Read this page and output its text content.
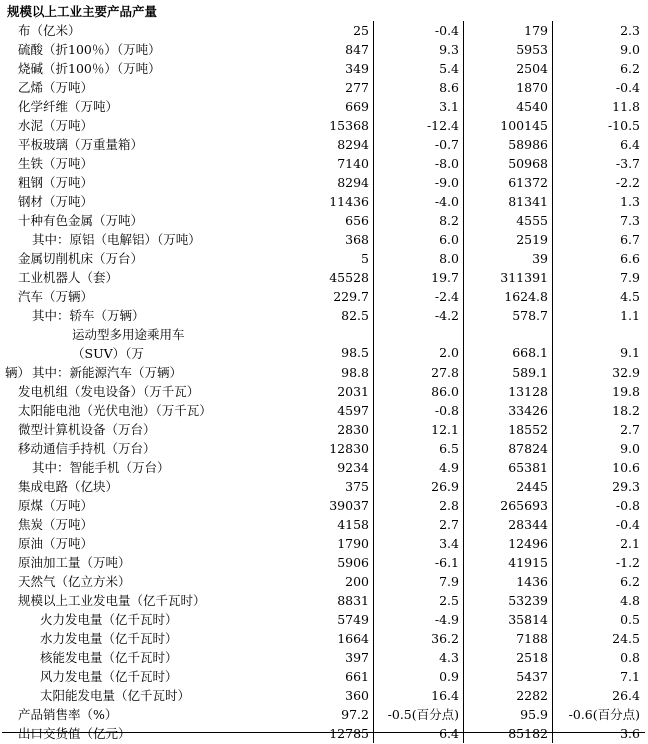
规模以上工业主要产品产量
布（亿米）	25	-0.4	179	2.3
硫酸（折100％）（万吨）	847	9.3	5953	9.0
烧碱（折100％）（万吨）	349	5.4	2504	6.2
乙烯（万吨）	277	8.6	1870	-0.4
化学纤维（万吨）	669	3.1	4540	11.8
水泥（万吨）	15368	-12.4	100145	-10.5
平板玻璃（万重量箱）	8294	-0.7	58986	6.4
生铁（万吨）	7140	-8.0	50968	-3.7
粗钢（万吨）	8294	-9.0	61372	-2.2
钢材（万吨）	11436	-4.0	81341	1.3
十种有色金属（万吨）	656	8.2	4555	7.3
其中：原铝（电解铝）（万吨）	368	6.0	2519	6.7
金属切削机床（万台）	5	8.0	39	6.6
工业机器人（套）	45528	19.7	311391	7.9
汽车（万辆）	229.7	-2.4	1624.8	4.5
其中：轿车（万辆）	82.5	-4.2	578.7	1.1
运动型多用途乘用车（SUV）（万
辆）
98.5	2.0	668.1	9.1
其中：新能源汽车（万辆）	98.8	27.8	589.1	32.9
发电机组（发电设备）（万千瓦）	2031	86.0	13128	19.8
太阳能电池（光伏电池）（万千瓦）	4597	-0.8	33426	18.2
微型计算机设备（万台）	2830	12.1	18552	2.7
移动通信手持机（万台）	12830	6.5	87824	9.0
其中：智能手机（万台）	9234	4.9	65381	10.6
集成电路（亿块）	375	26.9	2445	29.3
原煤（万吨）	39037	2.8	265693	-0.8
焦炭（万吨）	4158	2.7	28344	-0.4
原油（万吨）	1790	3.4	12496	2.1
原油加工量（万吨）	5906	-6.1	41915	-1.2
天然气（亿立方米）	200	7.9	1436	6.2
规模以上工业发电量（亿千瓦时）	8831	2.5	53239	4.8
火力发电量（亿千瓦时）	5749	-4.9	35814	0.5
水力发电量（亿千瓦时）	1664	36.2	7188	24.5
核能发电量（亿千瓦时）	397	4.3	2518	0.8
风力发电量（亿千瓦时）	661	0.9	5437	7.1
太阳能发电量（亿千瓦时）	360	16.4	2282	26.4
产品销售率（%）	97.2	-0.5(百分点)	95.9	-0.6(百分点)
出口交货值（亿元）	12785	6.4	85182	3.6
